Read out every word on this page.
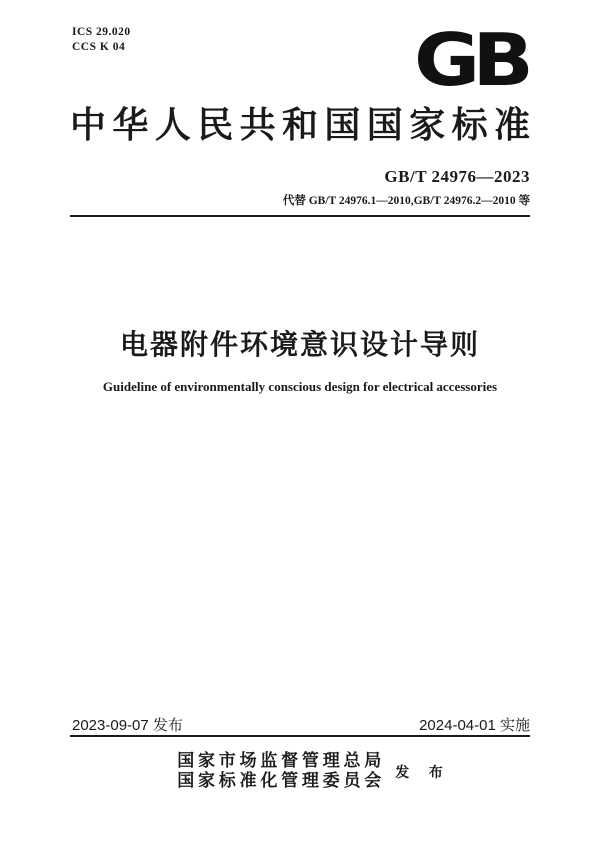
ICS 29.020
CCS K 04	GB
中华人民共和国国家标准
GB/T 24976—2023
代替 GB/T 24976.1—2010,GB/T 24976.2—2010 等
电器附件环境意识设计导则
Guideline of environmentally conscious design for electrical accessories
2023-09-07 发布	2024-04-01 实施
国家市场监督管理总局
国家标准化管理委员会 发 布
